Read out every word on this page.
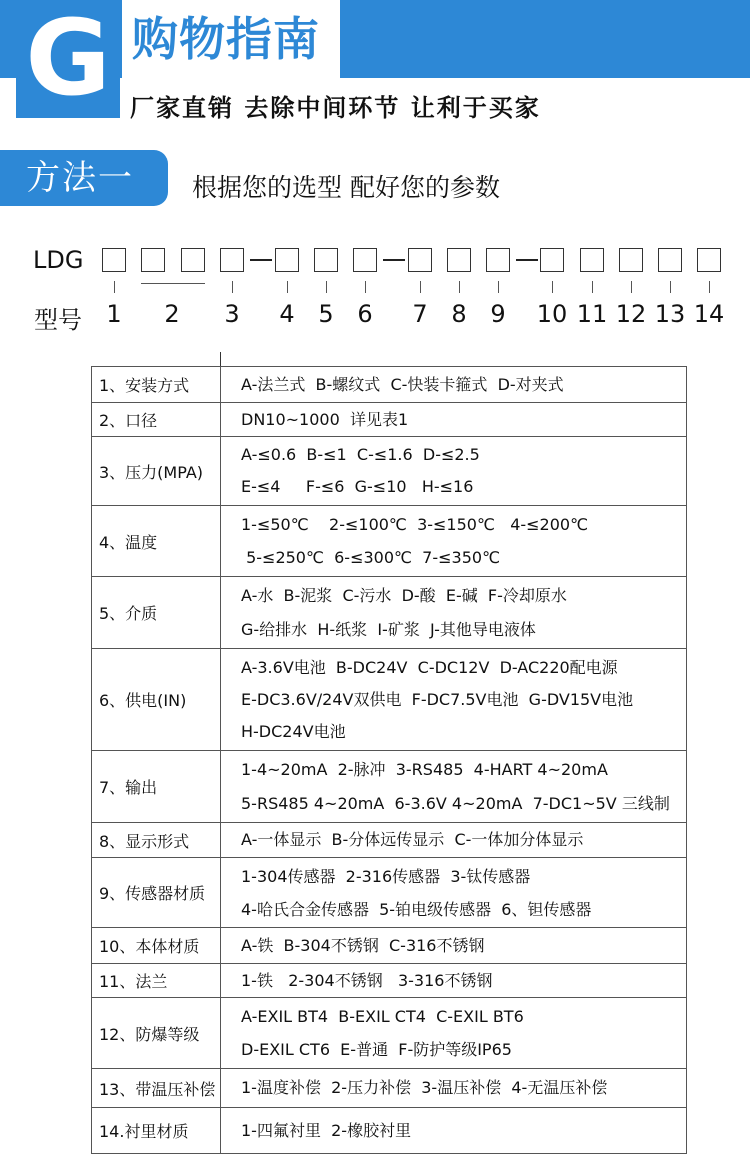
G 购物指南
厂家直销 去除中间环节 让利于买家
方法一 根据您的选型 配好您的参数
LDG
1	2	3	4 5 6	7 8 9	10 11 12 13 14
型号
1、安装方式	A-法兰式  B-螺纹式  C-快装卡箍式  D-对夹式

2、口径	DN10~1000  详见表1

3、压力(MPA)	A-≤0.6  B-≤1  C-≤1.6  D-≤2.5
E-≤4     F-≤6  G-≤10   H-≤16

4、温度	1-≤50℃    2-≤100℃  3-≤150℃   4-≤200℃
5-≤250℃  6-≤300℃  7-≤350℃

5、介质	A-水  B-泥浆  C-污水  D-酸  E-碱  F-冷却原水
G-给排水  H-纸浆  I-矿浆  J-其他导电液体

6、供电(IN)	A-3.6V电池  B-DC24V  C-DC12V  D-AC220配电源
E-DC3.6V/24V双供电  F-DC7.5V电池  G-DV15V电池
H-DC24V电池

7、输出	1-4~20mA  2-脉冲  3-RS485  4-HART 4~20mA
5-RS485 4~20mA  6-3.6V 4~20mA  7-DC1~5V 三线制

8、显示形式	A-一体显示  B-分体远传显示  C-一体加分体显示

9、传感器材质	1-304传感器  2-316传感器  3-钛传感器
4-哈氏合金传感器  5-铂电级传感器  6、钽传感器

10、本体材质	A-铁  B-304不锈钢  C-316不锈钢

11、法兰	1-铁   2-304不锈钢   3-316不锈钢

12、防爆等级	A-EXIL BT4  B-EXIL CT4  C-EXIL BT6
D-EXIL CT6  E-普通  F-防护等级IP65

13、带温压补偿	1-温度补偿  2-压力补偿  3-温压补偿  4-无温压补偿

14.衬里材质	1-四氟衬里  2-橡胶衬里
